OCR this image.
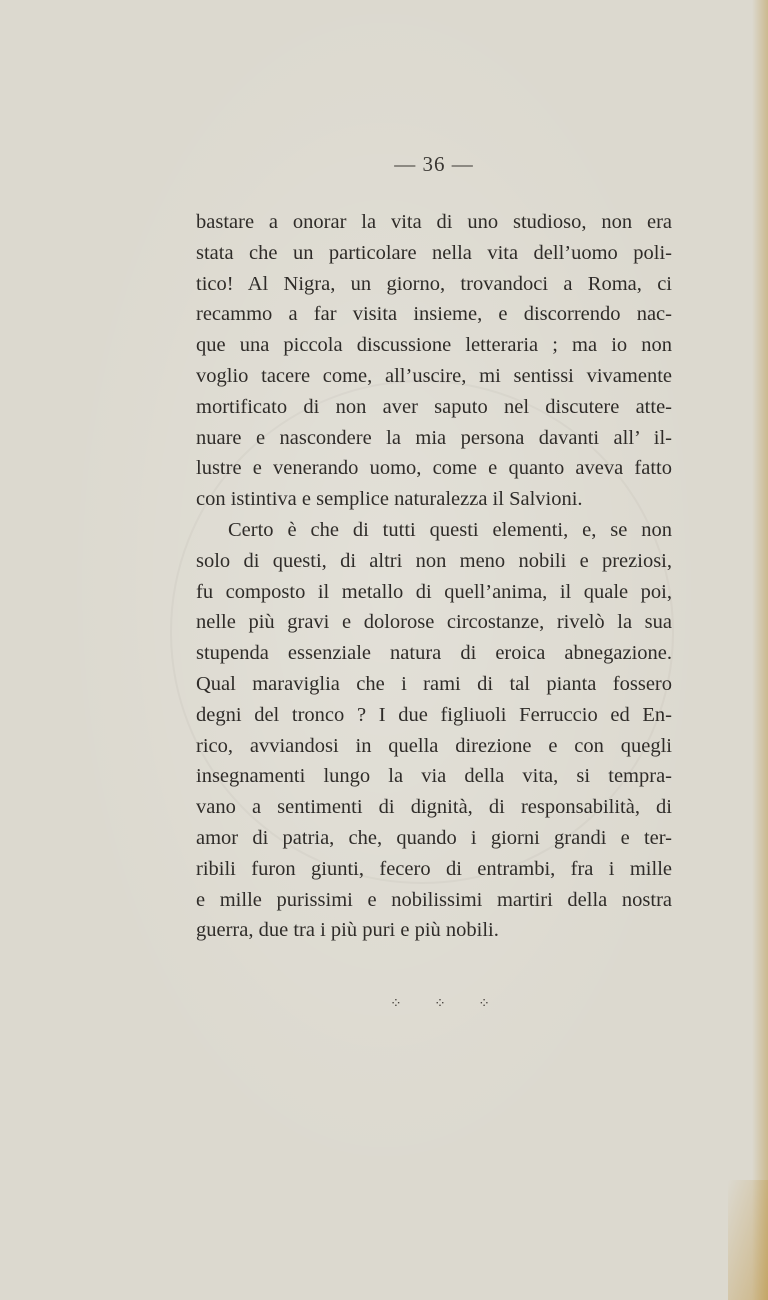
— 36 —
bastare a onorar la vita di uno studioso, non era
stata che un particolare nella vita dell’uomo poli-
tico! Al Nigra, un giorno, trovandoci a Roma, ci
recammo a far visita insieme, e discorrendo nac-
que una piccola discussione letteraria ; ma io non
voglio tacere come, all’uscire, mi sentissi vivamente
mortificato di non aver saputo nel discutere atte-
nuare e nascondere la mia persona davanti all’ il-
lustre e venerando uomo, come e quanto aveva fatto
con istintiva e semplice naturalezza il Salvioni.
Certo è che di tutti questi elementi, e, se non
solo di questi, di altri non meno nobili e preziosi,
fu composto il metallo di quell’anima, il quale poi,
nelle più gravi e dolorose circostanze, rivelò la sua
stupenda essenziale natura di eroica abnegazione.
Qual maraviglia che i rami di tal pianta fossero
degni del tronco ? I due figliuoli Ferruccio ed En-
rico, avviandosi in quella direzione e con quegli
insegnamenti lungo la via della vita, si tempra-
vano a sentimenti di dignità, di responsabilità, di
amor di patria, che, quando i giorni grandi e ter-
ribili furon giunti, fecero di entrambi, fra i mille
e mille purissimi e nobilissimi martiri della nostra
guerra, due tra i più puri e più nobili.
⁘ ⁘ ⁘
